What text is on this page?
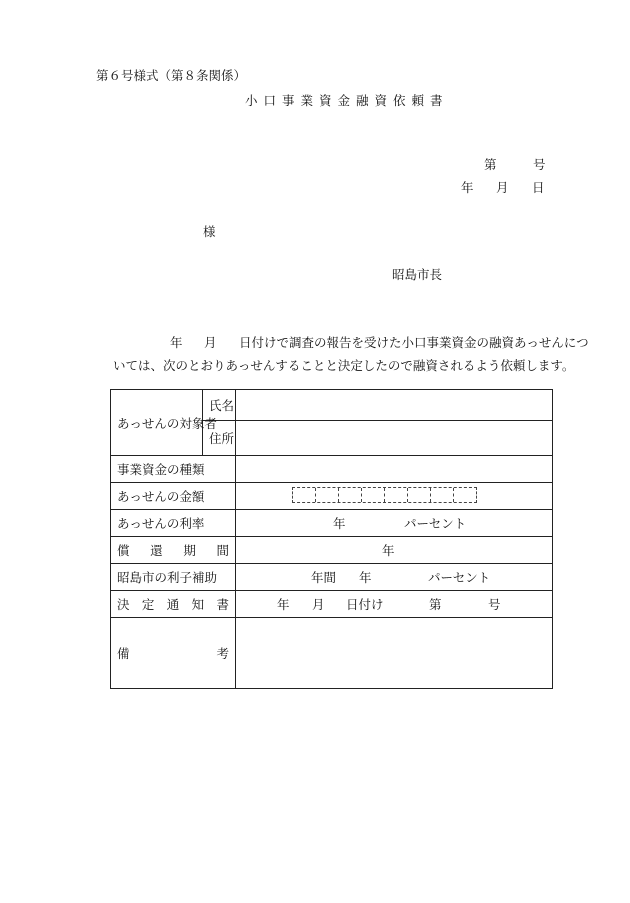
第６号様式（第８条関係）
小口事業資金融資依頼書
第	号
年 月 日
様
昭島市長
年 月 日付けで調査の報告を受けた小口事業資金の融資あっせんにつ
いては、次のとおりあっせんすることと決定したので融資されるよう依頼します。
あっせんの対象者	氏 名	

	住 所	

事業資金の種類		
あっせんの金額		

あっせんの利率		年 パーセント

償 還 期 間		年

昭島市の利子補助		年間 年 パーセント

決 定 通 知 書		年 月 日付け 第 号

備 考		
